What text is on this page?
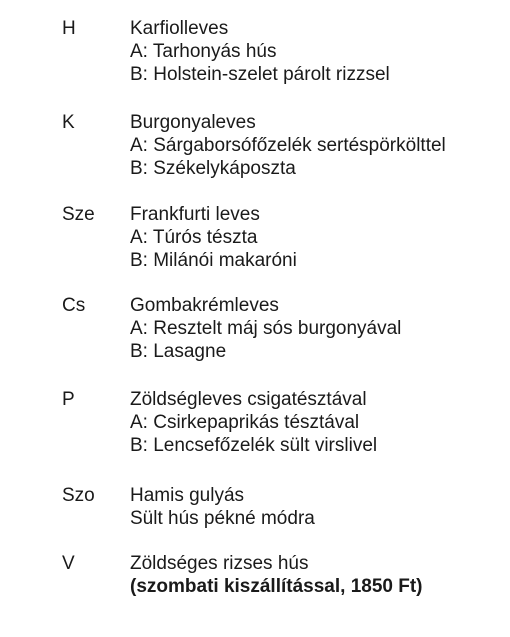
H	Karfiolleves
A: Tarhonyás hús
B: Holstein-szelet párolt rizzsel
K	Burgonyaleves
A: Sárgaborsófőzelék sertéspörkölttel
B: Székelykáposzta
Sze Frankfurti leves
A: Túrós tészta
B: Milánói makaróni
Cs Gombakrémleves
A: Resztelt máj sós burgonyával
B: Lasagne
P	Zöldségleves csigatésztával
A: Csirkepaprikás tésztával
B: Lencsefőzelék sült virslivel
Szo Hamis gulyás
Sült hús pékné módra
V	Zöldséges rizses hús
(szombati kiszállítással, 1850 Ft)
